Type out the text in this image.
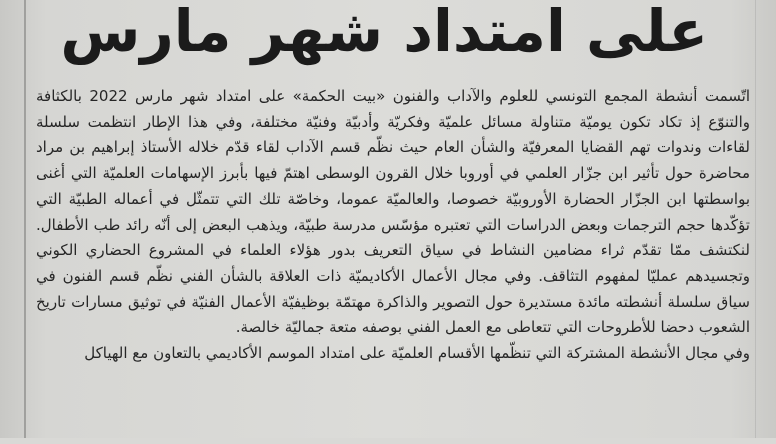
على امتداد شهر مارس

اتّسمت أنشطة المجمع التونسي للعلوم والآداب والفنون «بيت الحكمة» على امتداد شهر مارس 2022 بالكثافة والتنوّع إذ تكاد تكون يوميّة متناولة مسائل علميّة وفكريّة وأدبيّة وفنيّة مختلفة، وفي هذا الإطار انتظمت سلسلة لقاءات وندوات تهم القضايا المعرفيّة والشأن العام حيث نظّم قسم الآداب لقاء قدّم خلاله الأستاذ إبراهيم بن مراد محاضرة حول تأثير ابن جزّار العلمي في أوروبا خلال القرون الوسطى اهتمّ فيها بأبرز الإسهامات العلميّة التي أغنى بواسطتها ابن الجزّار الحضارة الأوروبيّة خصوصا، والعالميّة عموما، وخاصّة تلك التي تتمثّل في أعماله الطبيّة التي تؤكّدها حجم الترجمات وبعض الدراسات التي تعتبره مؤسّس مدرسة طبيّة، ويذهب البعض إلى أنّه رائد طب الأطفال. لنكتشف ممّا تقدّم ثراء مضامين النشاط في سياق التعريف بدور هؤلاء العلماء في المشروع الحضاري الكوني وتجسيدهم عمليّا لمفهوم التثاقف. وفي مجال الأعمال الأكاديميّة ذات العلاقة بالشأن الفني نظّم قسم الفنون في سياق سلسلة أنشطته مائدة مستديرة حول التصوير والذاكرة مهتمّة بوظيفيّة الأعمال الفنيّة في توثيق مسارات تاريخ الشعوب دحضا للأطروحات التي تتعاطى مع العمل الفني بوصفه متعة جماليّة خالصة.

وفي مجال الأنشطة المشتركة التي تنظّمها الأقسام العلميّة على امتداد الموسم الأكاديمي بالتعاون مع الهياكل
